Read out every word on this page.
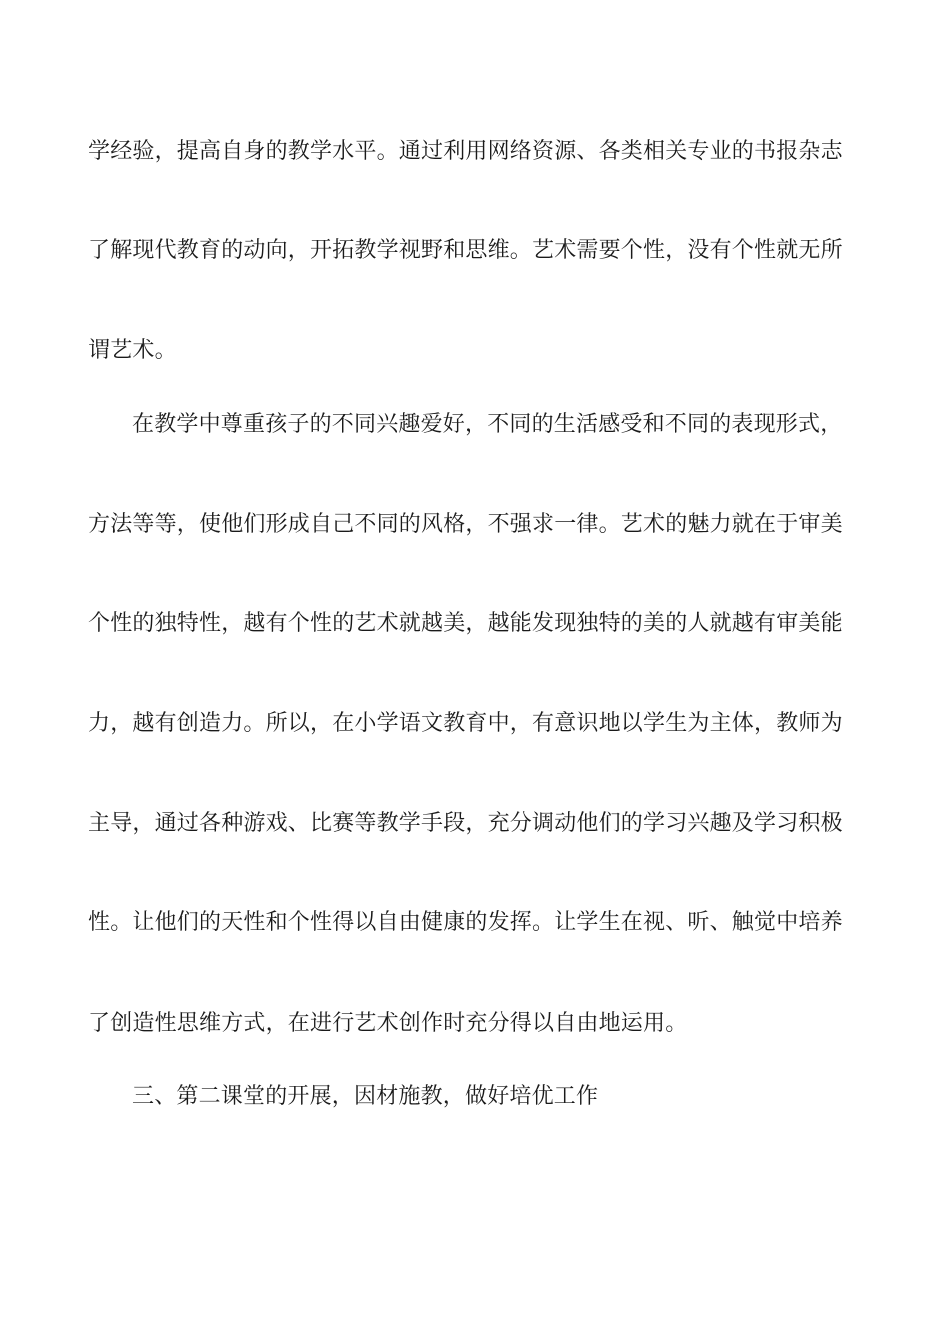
学经验，提高自身的教学水平。通过利用网络资源、各类相关专业的书报杂志
了解现代教育的动向，开拓教学视野和思维。艺术需要个性，没有个性就无所
谓艺术。
在教学中尊重孩子的不同兴趣爱好，不同的生活感受和不同的表现形式，
方法等等，使他们形成自己不同的风格，不强求一律。艺术的魅力就在于审美
个性的独特性，越有个性的艺术就越美，越能发现独特的美的人就越有审美能
力，越有创造力。所以，在小学语文教育中，有意识地以学生为主体，教师为
主导，通过各种游戏、比赛等教学手段，充分调动他们的学习兴趣及学习积极
性。让他们的天性和个性得以自由健康的发挥。让学生在视、听、触觉中培养
了创造性思维方式，在进行艺术创作时充分得以自由地运用。
三、第二课堂的开展，因材施教，做好培优工作
